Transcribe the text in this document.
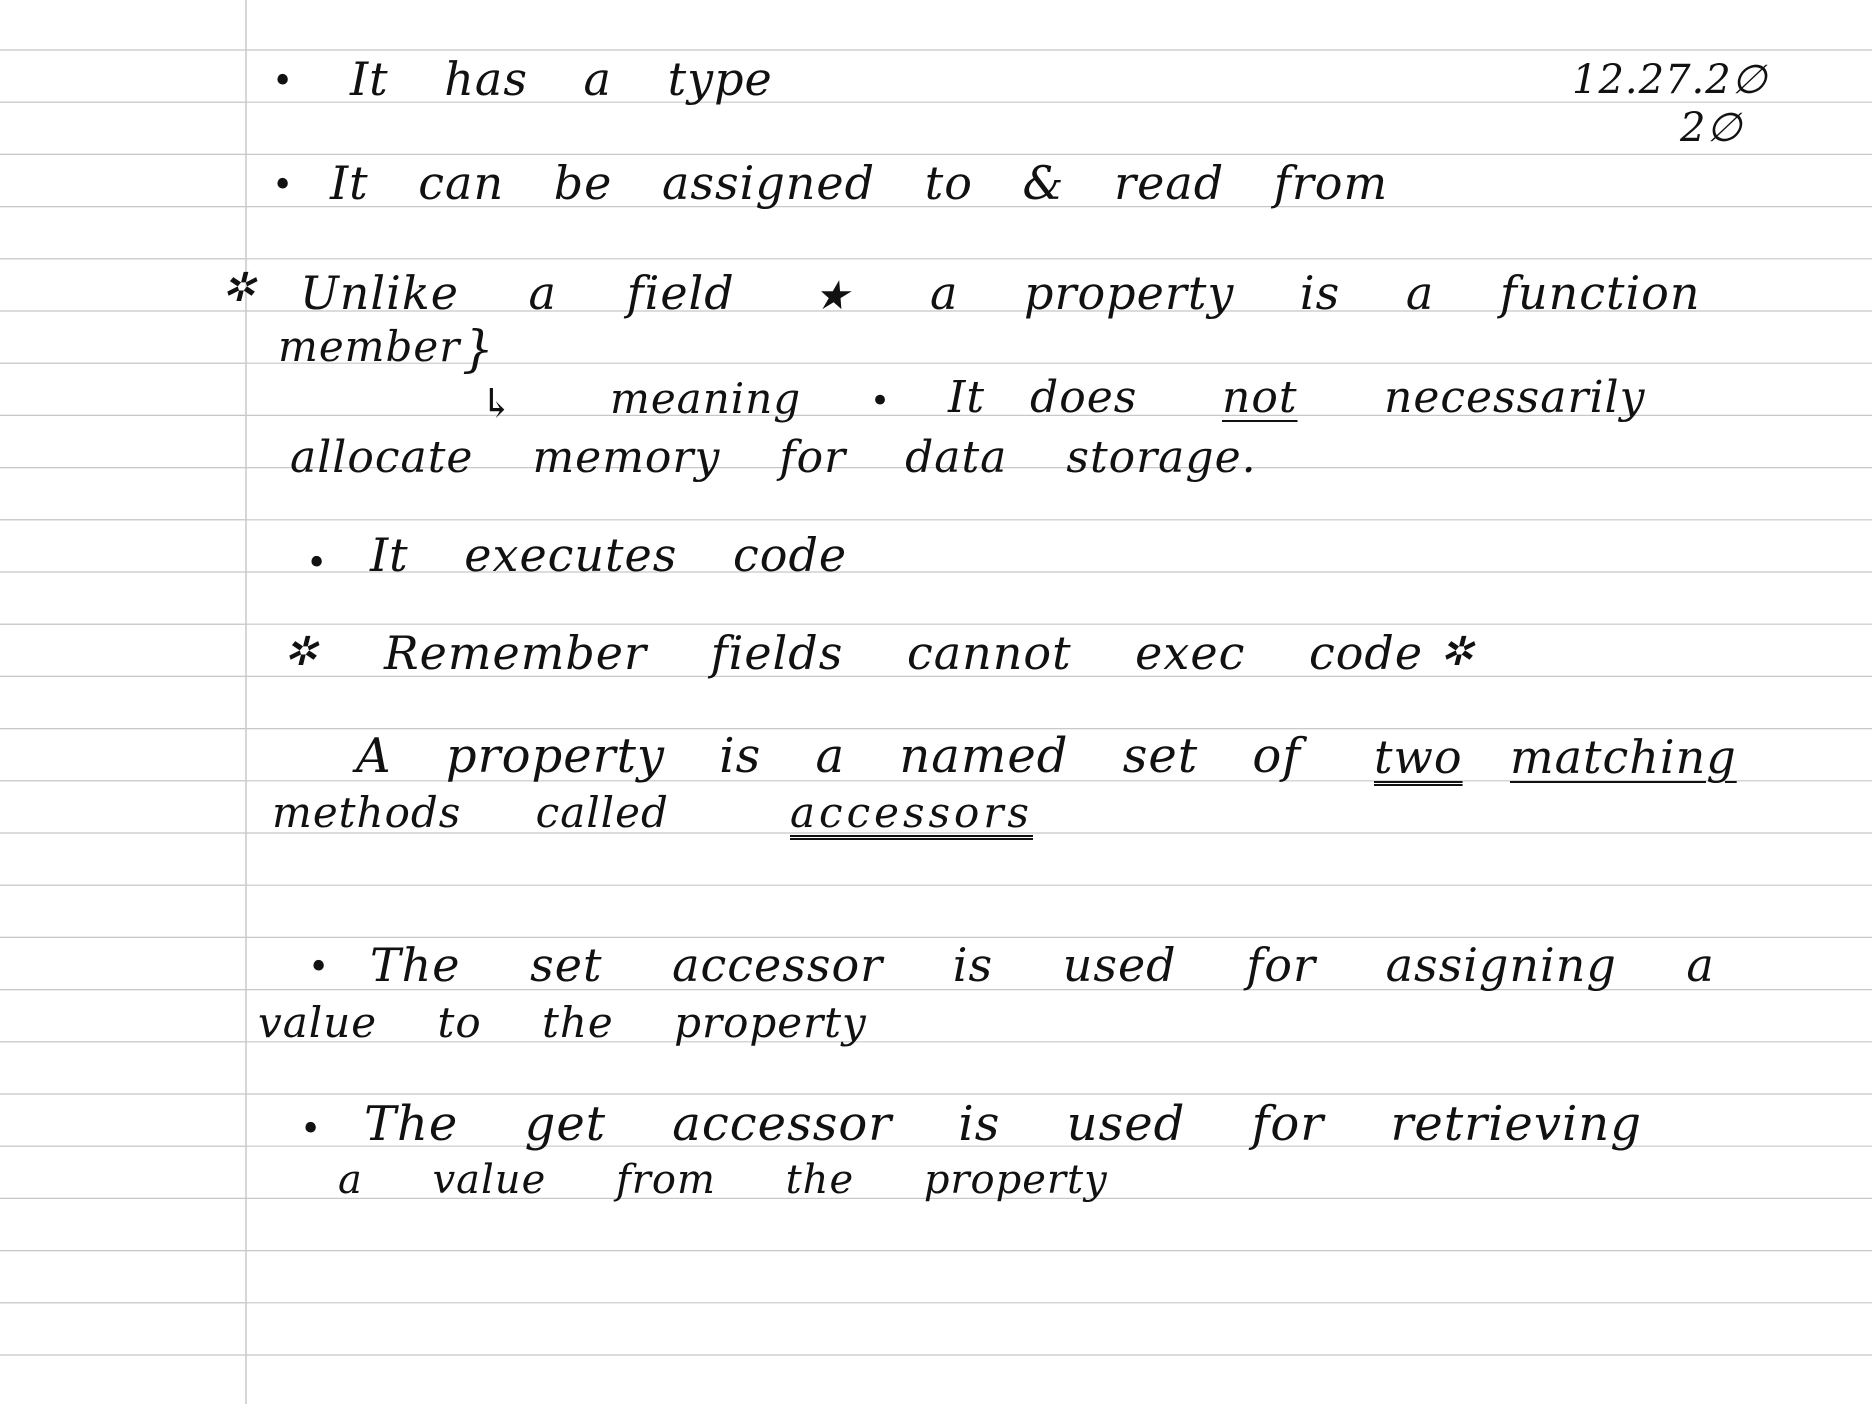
12.27.2∅
2∅
• It has a type
• It can be assigned to & read from
✲ Unlike a field ★ a property is a function
member }
↳ meaning • It does not necessarily
allocate memory for data storage.
• It executes code
✲ Remember fields cannot exec code ✲
A property is a named set of two matching
methods called	accessors
• The set accessor is used for assigning a
value to the property
• The get accessor is used for retrieving
a value from the property
